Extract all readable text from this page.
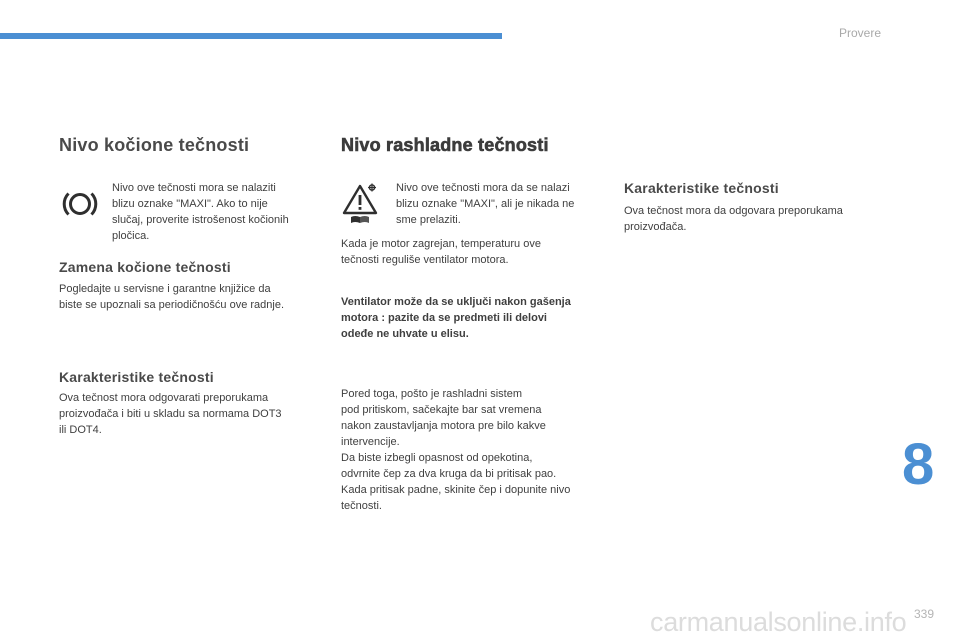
Provere
Nivo kočione tečnosti
Nivo ove tečnosti mora se nalaziti
blizu oznake "MAXI". Ako to nije
slučaj, proverite istrošenost kočionih
pločica.
Zamena kočione tečnosti
Pogledajte u servisne i garantne knjižice da
biste se upoznali sa periodičnošću ove radnje.
Karakteristike tečnosti
Ova tečnost mora odgovarati preporukama
proizvođača i biti u skladu sa normama DOT3
ili DOT4.
Nivo rashladne tečnosti
Nivo ove tečnosti mora da se nalazi
blizu oznake "MAXI", ali je nikada ne
sme prelaziti.
Kada je motor zagrejan, temperaturu ove
tečnosti reguliše ventilator motora.
Ventilator može da se uključi nakon gašenja
motora : pazite da se predmeti ili delovi
odeđe ne uhvate u elisu.
Pored toga, pošto je rashladni sistem
pod pritiskom, sačekajte bar sat vremena
nakon zaustavljanja motora pre bilo kakve
intervencije.
Da biste izbegli opasnost od opekotina,
odvrnite čep za dva kruga da bi pritisak pao.
Kada pritisak padne, skinite čep i dopunite nivo
tečnosti.
Karakteristike tečnosti
Ova tečnost mora da odgovara preporukama
proizvođača.
8
carmanualsonline.info 339
